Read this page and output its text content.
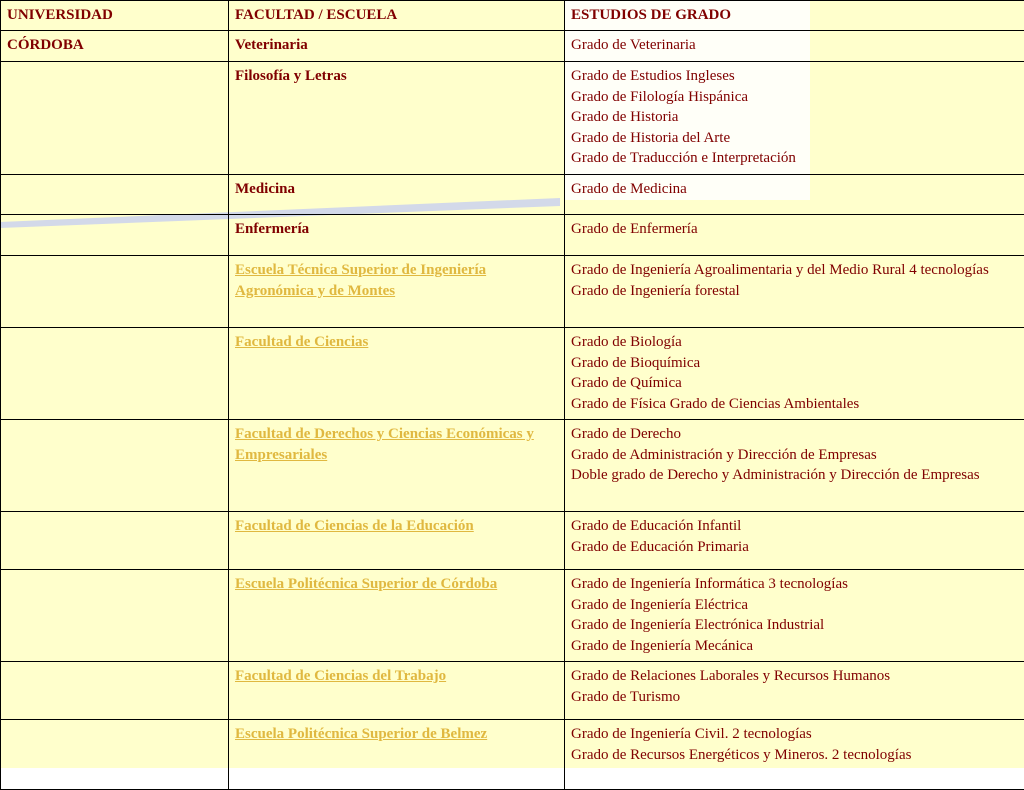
UNIVERSIDAD	FACULTAD / ESCUELA	ESTUDIOS DE GRADO
CÓRDOBA	Veterinaria	Grado de Veterinaria

	Filosofía y Letras	Grado de Estudios Ingleses
Grado de Filología Hispánica
Grado de Historia
Grado de Historia del Arte
Grado de Traducción e Interpretación

	Medicina	Grado de Medicina

	Enfermería	Grado de Enfermería

	Escuela Técnica Superior de Ingeniería Agronómica y de Montes	Grado de Ingeniería Agroalimentaria y del Medio Rural 4 tecnologías
Grado de Ingeniería forestal

	Facultad de Ciencias	Grado de Biología
Grado de Bioquímica
Grado de Química
Grado de Física Grado de Ciencias Ambientales

	Facultad de Derechos y Ciencias Económicas y Empresariales	Grado de Derecho
Grado de Administración y Dirección de Empresas
Doble grado de Derecho y Administración y Dirección de Empresas

	Facultad de Ciencias de la Educación	Grado de Educación Infantil
Grado de Educación Primaria

	Escuela Politécnica Superior de Córdoba	Grado de Ingeniería Informática 3 tecnologías
Grado de Ingeniería Eléctrica
Grado de Ingeniería Electrónica Industrial
Grado de Ingeniería Mecánica

	Facultad de Ciencias del Trabajo	Grado de Relaciones Laborales y Recursos Humanos
Grado de Turismo

	Escuela Politécnica Superior de Belmez	Grado de Ingeniería Civil. 2 tecnologías
Grado de Recursos Energéticos y Mineros. 2 tecnologías
